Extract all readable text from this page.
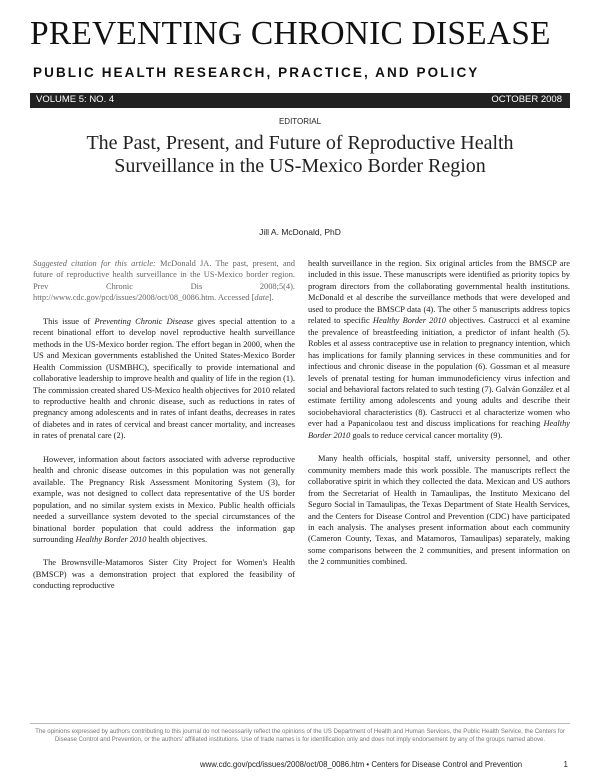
PREVENTING CHRONIC DISEASE
PUBLIC HEALTH RESEARCH, PRACTICE, AND POLICY
VOLUME 5: NO. 4	OCTOBER 2008
EDITORIAL
The Past, Present, and Future of Reproductive Health Surveillance in the US-Mexico Border Region
Jill A. McDonald, PhD

Suggested citation for this article: McDonald JA. The past, present, and future of reproductive health surveillance in the US-Mexico border region. Prev Chronic Dis 2008;5(4). http://www.cdc.gov/pcd/issues/2008/oct/08_0086.htm. Accessed [date].

This issue of Preventing Chronic Disease gives special attention to a recent binational effort to develop novel reproductive health surveillance methods in the US-Mexico border region. The effort began in 2000, when the US and Mexican governments established the United States-Mexico Border Health Commission (USMBHC), specifically to provide international and collaborative leadership to improve health and quality of life in the region (1). The commission created shared US-Mexico health objectives for 2010 related to reproductive health and chronic disease, such as reductions in rates of pregnancy among adolescents and in rates of infant deaths, decreases in rates of diabetes and in rates of cervical and breast cancer mortality, and increases in rates of prenatal care (2).

However, information about factors associated with adverse reproductive health and chronic disease outcomes in this population was not generally available. The Pregnancy Risk Assessment Monitoring System (3), for example, was not designed to collect data representative of the US border population, and no similar system exists in Mexico. Public health officials needed a surveillance system devoted to the special circumstances of the binational border population that could address the information gap surrounding Healthy Border 2010 health objectives.

The Brownsville-Matamoros Sister City Project for Women's Health (BMSCP) was a demonstration project that explored the feasibility of conducting reproductive

health surveillance in the region. Six original articles from the BMSCP are included in this issue. These manuscripts were identified as priority topics by program directors from the collaborating governmental health institutions. McDonald et al describe the surveillance methods that were developed and used to produce the BMSCP data (4). The other 5 manuscripts address topics related to specific Healthy Border 2010 objectives. Castrucci et al examine the prevalence of breastfeeding initiation, a predictor of infant health (5). Robles et al assess contraceptive use in relation to pregnancy intention, which has implications for family planning services in these communities and for infectious and chronic disease in the population (6). Gossman et al measure levels of prenatal testing for human immunodeficiency virus infection and social and behavioral factors related to such testing (7). Galván González et al estimate fertility among adolescents and young adults and describe their sociobehavioral characteristics (8). Castrucci et al characterize women who ever had a Papanicolaou test and discuss implications for reaching Healthy Border 2010 goals to reduce cervical cancer mortality (9).

Many health officials, hospital staff, university personnel, and other community members made this work possible. The manuscripts reflect the collaborative spirit in which they collected the data. Mexican and US authors from the Secretariat of Health in Tamaulipas, the Instituto Mexicano del Seguro Social in Tamaulipas, the Texas Department of State Health Services, and the Centers for Disease Control and Prevention (CDC) have participated in each analysis. The analyses present information about each community (Cameron County, Texas, and Matamoros, Tamaulipas) separately, making some comparisons between the 2 communities, and present information on the 2 communities combined.

The opinions expressed by authors contributing to this journal do not necessarily reflect the opinions of the US Department of Health and Human Services, the Public Health Service, the Centers for Disease Control and Prevention, or the authors' affiliated institutions. Use of trade names is for identification only and does not imply endorsement by any of the groups named above.
www.cdc.gov/pcd/issues/2008/oct/08_0086.htm • Centers for Disease Control and Prevention	1
